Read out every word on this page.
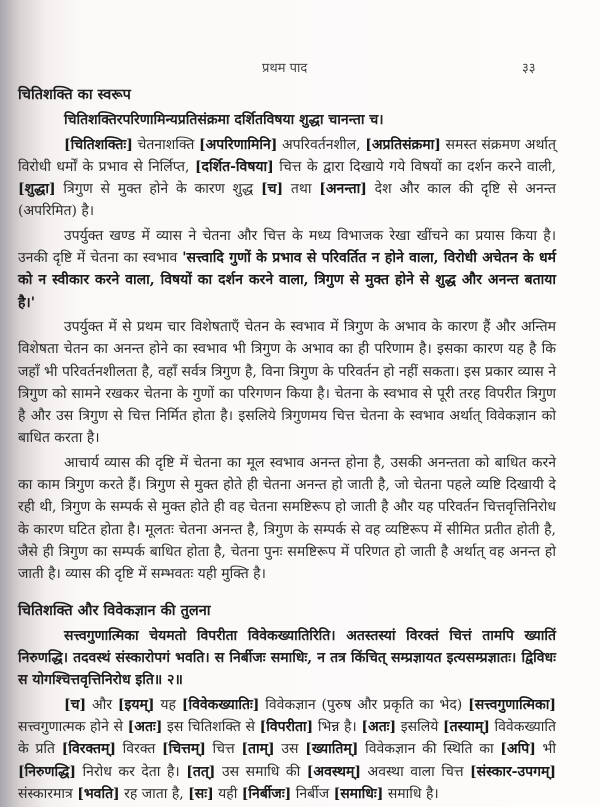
प्रथम पाद	३३
चितिशक्ति का स्वरूप

चितिशक्तिरपरिणामिन्यप्रतिसंक्रमा दर्शितविषया शुद्धा चानन्ता च।

[चितिशक्तिः] चेतनाशक्ति [अपरिणामिनि] अपरिवर्तनशील, [अप्रतिसंक्रमा] समस्त संक्रमण अर्थात् विरोधी धर्मों के प्रभाव से निर्लिप्त, [दर्शित-विषया] चित्त के द्वारा दिखाये गये विषयों का दर्शन करने वाली, [शुद्धा] त्रिगुण से मुक्त होने के कारण शुद्ध [च] तथा [अनन्ता] देश और काल की दृष्टि से अनन्त (अपरिमित) है।

उपर्युक्त खण्ड में व्यास ने चेतना और चित्त के मध्य विभाजक रेखा खींचने का प्रयास किया है। उनकी दृष्टि में चेतना का स्वभाव 'सत्त्वादि गुणों के प्रभाव से परिवर्तित न होने वाला, विरोधी अचेतन के धर्म को न स्वीकार करने वाला, विषयों का दर्शन करने वाला, त्रिगुण से मुक्त होने से शुद्ध और अनन्त बताया है।'

उपर्युक्त में से प्रथम चार विशेषताएँ चेतन के स्वभाव में त्रिगुण के अभाव के कारण हैं और अन्तिम विशेषता चेतन का अनन्त होने का स्वभाव भी त्रिगुण के अभाव का ही परिणाम है। इसका कारण यह है कि जहाँ भी परिवर्तनशीलता है, वहाँ सर्वत्र त्रिगुण है, विना त्रिगुण के परिवर्तन हो नहीं सकता। इस प्रकार व्यास ने त्रिगुण को सामने रखकर चेतना के गुणों का परिगणन किया है। चेतना के स्वभाव से पूरी तरह विपरीत त्रिगुण है और उस त्रिगुण से चित्त निर्मित होता है। इसलिये त्रिगुणमय चित्त चेतना के स्वभाव अर्थात् विवेकज्ञान को बाधित करता है।

आचार्य व्यास की दृष्टि में चेतना का मूल स्वभाव अनन्त होना है, उसकी अनन्तता को बाधित करने का काम त्रिगुण करते हैं। त्रिगुण से मुक्त होते ही चेतना अनन्त हो जाती है, जो चेतना पहले व्यष्टि दिखायी दे रही थी, त्रिगुण के सम्पर्क से मुक्त होते ही वह चेतना समष्टिरूप हो जाती है और यह परिवर्तन चित्तवृत्तिनिरोध के कारण घटित होता है। मूलतः चेतना अनन्त है, त्रिगुण के सम्पर्क से वह व्यष्टिरूप में सीमित प्रतीत होती है, जैसे ही त्रिगुण का सम्पर्क बाधित होता है, चेतना पुनः समष्टिरूप में परिणत हो जाती है अर्थात् वह अनन्त हो जाती है। व्यास की दृष्टि में सम्भवतः यही मुक्ति है।

चितिशक्ति और विवेकज्ञान की तुलना

सत्त्वगुणात्मिका चेयमतो विपरीता विवेकख्यातिरिति। अतस्तस्यां विरक्तं चित्तं तामपि ख्यातिं निरुणद्धि। तदवस्थं संस्कारोपगं भवति। स निर्बीजः समाधिः, न तत्र किंचित् सम्प्रज्ञायत इत्यसम्प्रज्ञातः। द्विविधः स योगश्चित्तवृत्तिनिरोध इति॥ २॥

[च] और [इयम्] यह [विवेकख्यातिः] विवेकज्ञान (पुरुष और प्रकृति का भेद) [सत्त्वगुणात्मिका] सत्त्वगुणात्मक होने से [अतः] इस चितिशक्ति से [विपरीता] भिन्न है। [अतः] इसलिये [तस्याम्] विवेकख्याति के प्रति [विरक्तम्] विरक्त [चित्तम्] चित्त [ताम्] उस [ख्यातिम्] विवेकज्ञान की स्थिति का [अपि] भी [निरुणद्धि] निरोध कर देता है। [तत्] उस समाधि की [अवस्थम्] अवस्था वाला चित्त [संस्कार-उपगम्] संस्कारमात्र [भवति] रह जाता है, [सः] यही [निर्बीजः] निर्बीज [समाधिः] समाधि है।
